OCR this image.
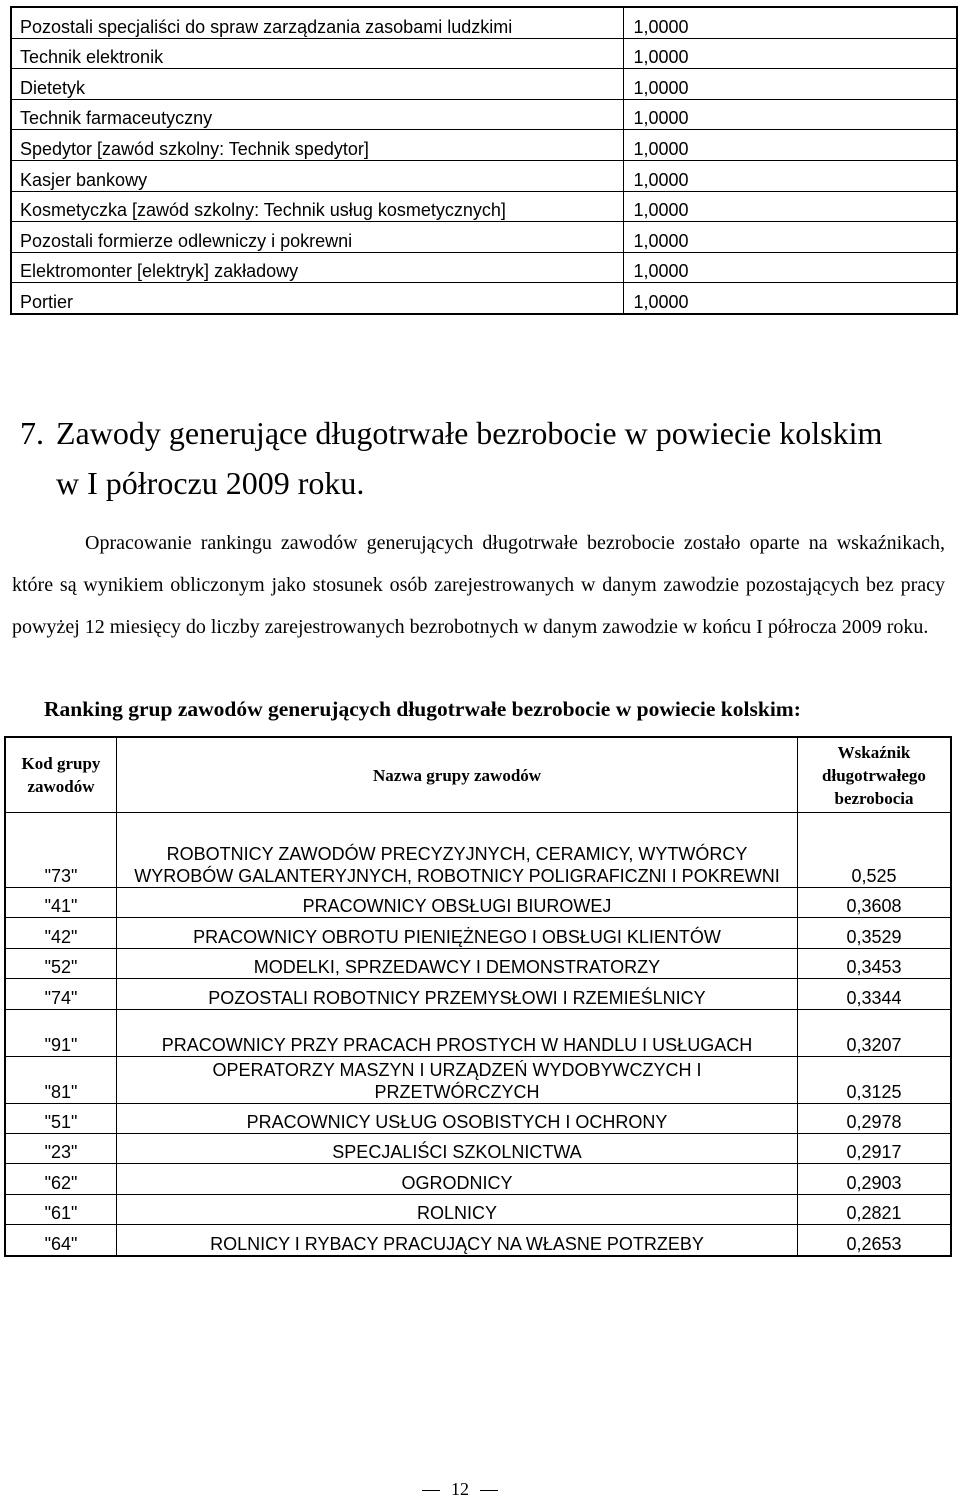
Pozostali specjaliści do spraw zarządzania zasobami ludzkimi	1,0000
Technik elektronik	1,0000
Dietetyk	1,0000
Technik farmaceutyczny	1,0000
Spedytor [zawód szkolny: Technik spedytor]	1,0000
Kasjer bankowy	1,0000
Kosmetyczka [zawód szkolny: Technik usług kosmetycznych]	1,0000
Pozostali formierze odlewniczy i pokrewni	1,0000
Elektromonter [elektryk] zakładowy	1,0000
Portier	1,0000
7. Zawody generujące długotrwałe bezrobocie w powiecie kolskim
w I półroczu 2009 roku.

Opracowanie rankingu zawodów generujących długotrwałe bezrobocie zostało oparte na wskaźnikach, które są wynikiem obliczonym jako stosunek osób zarejestrowanych w danym zawodzie pozostających bez pracy powyżej 12 miesięcy do liczby zarejestrowanych bezrobotnych w danym zawodzie w końcu I półrocza 2009 roku.

Ranking grup zawodów generujących długotrwałe bezrobocie w powiecie kolskim:
Kod grupy zawodów	Nazwa grupy zawodów	Wskaźnik długotrwałego bezrobocia
"73"	ROBOTNICY ZAWODÓW PRECYZYJNYCH, CERAMICY, WYTWÓRCY WYROBÓW GALANTERYJNYCH, ROBOTNICY POLIGRAFICZNI I POKREWNI	0,525
"41"	PRACOWNICY OBSŁUGI BIUROWEJ	0,3608
"42"	PRACOWNICY OBROTU PIENIĘŻNEGO I OBSŁUGI KLIENTÓW	0,3529
"52"	MODELKI, SPRZEDAWCY I DEMONSTRATORZY	0,3453
"74"	POZOSTALI ROBOTNICY PRZEMYSŁOWI I RZEMIEŚLNICY	0,3344
"91"	PRACOWNICY PRZY PRACACH PROSTYCH W HANDLU I USŁUGACH	0,3207
"81"	OPERATORZY MASZYN I URZĄDZEŃ WYDOBYWCZYCH I PRZETWÓRCZYCH	0,3125
"51"	PRACOWNICY USŁUG OSOBISTYCH I OCHRONY	0,2978
"23"	SPECJALIŚCI SZKOLNICTWA	0,2917
"62"	OGRODNICY	0,2903
"61"	ROLNICY	0,2821
"64"	ROLNICY I RYBACY PRACUJĄCY NA WŁASNE POTRZEBY	0,2653
12
